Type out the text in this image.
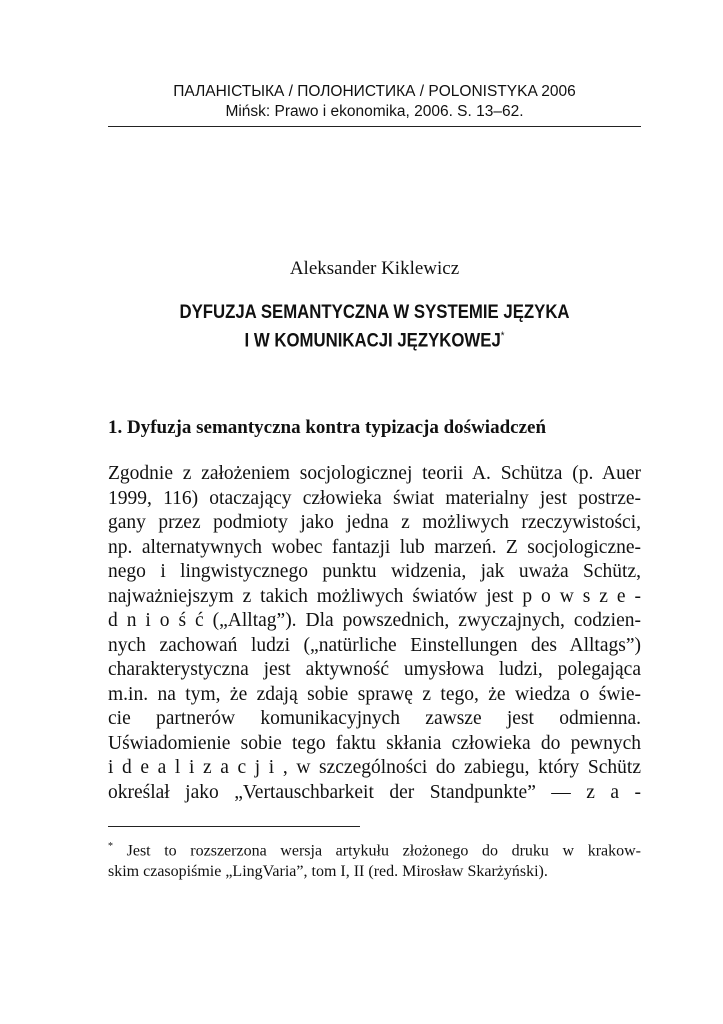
ПАЛАНІСТЫКА / ПОЛОНИСТИКА / POLONISTYKA 2006
Mińsk: Prawo i ekonomika, 2006. S. 13–62.
Aleksander Kiklewicz
DYFUZJA SEMANTYCZNA W SYSTEMIE JĘZYKA
I W KOMUNIKACJI JĘZYKOWEJ*
1. Dyfuzja semantyczna kontra typizacja doświadczeń
Zgodnie z założeniem socjologicznej teorii A. Schütza (p. Auer
1999, 116) otaczający człowieka świat materialny jest postrze-
gany przez podmioty jako jedna z możliwych rzeczywistości,
np. alternatywnych wobec fantazji lub marzeń. Z socjologiczne-
nego i lingwistycznego punktu widzenia, jak uważa Schütz,
najważniejszym z takich możliwych światów jest p o w s z e -
d n i o ś ć („Alltag”). Dla powszednich, zwyczajnych, codzien-
nych zachowań ludzi („natürliche Einstellungen des Alltags”)
charakterystyczna jest aktywność umysłowa ludzi, polegająca
m.in. na tym, że zdają sobie sprawę z tego, że wiedza o świe-
cie partnerów komunikacyjnych zawsze jest odmienna.
Uświadomienie sobie tego faktu skłania człowieka do pewnych
i d e a l i z a c j i , w szczególności do zabiegu, który Schütz
określał jako „Vertauschbarkeit der Standpunkte” — z a -
* Jest to rozszerzona wersja artykułu złożonego do druku w krakow-
skim czasopiśmie „LingVaria”, tom I, II (red. Mirosław Skarżyński).
